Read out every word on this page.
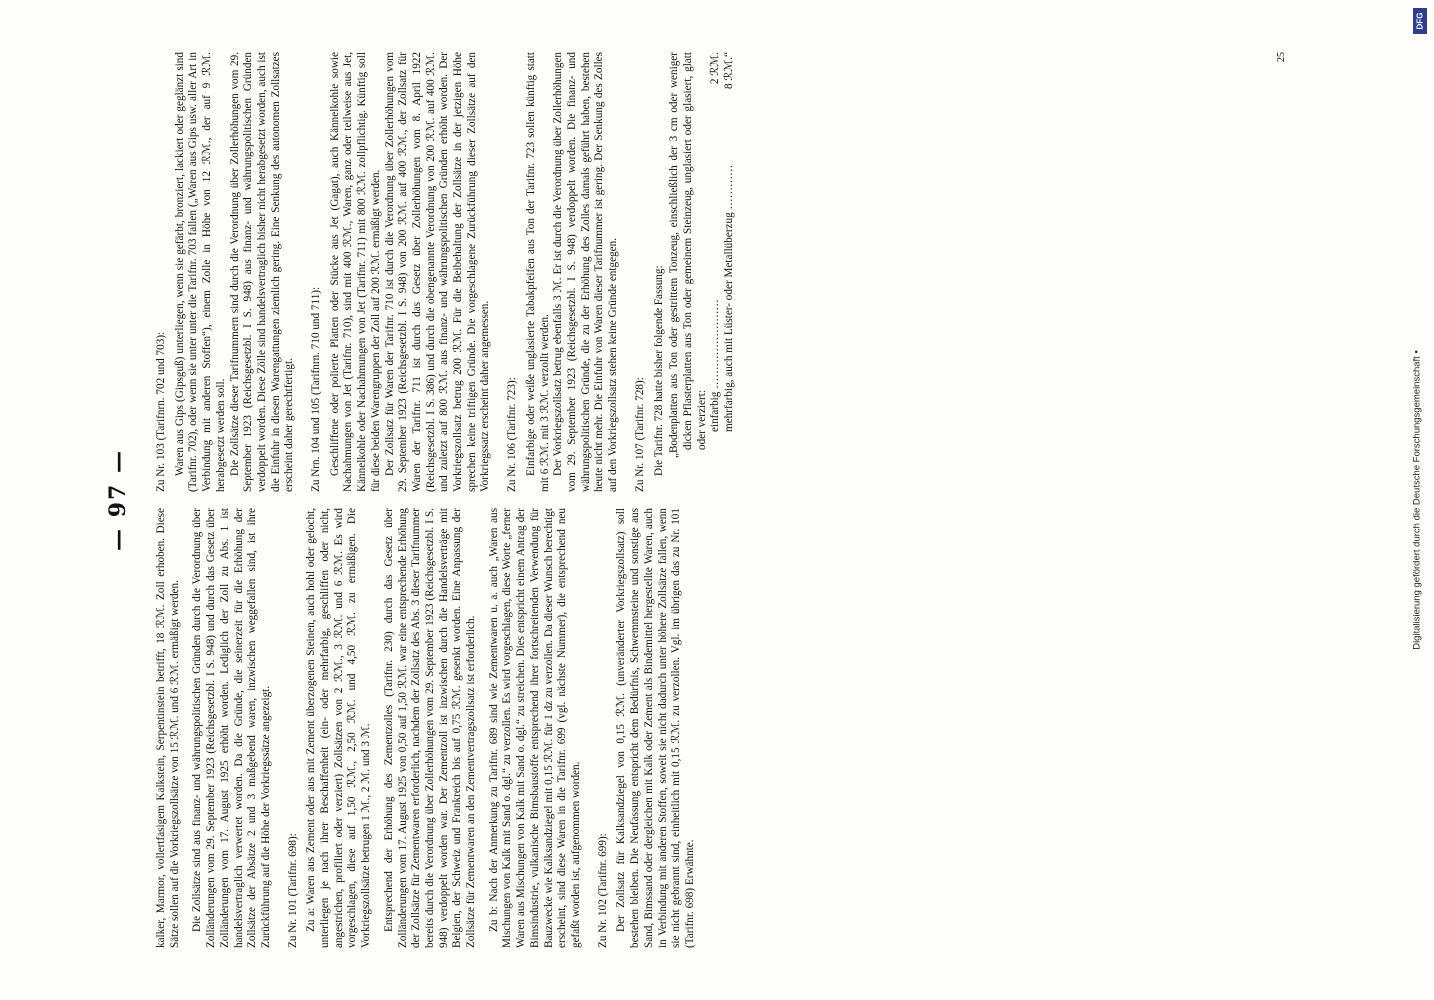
— 97 —

kalker, Marmor, vollertfasigem Kalkstein, Serpentinstein betrifft, 18 ℛℳ. Zoll erhoben. Diese Sätze sollen auf die Vorkriegszollsätze von 15 ℛℳ. und 6 ℛℳ. ermäßigt werden. Die Zollsätze sind aus finanz- und währungspolitischen Gründen durch die Verordnung über Zolländerungen vom 29. September 1923 (Reichsgesetzbl. I S. 948) und durch das Gesetz über Zolländerungen vom 17. August 1925 erhöht worden. Lediglich der Zoll zu Abs. 1 ist handelsvertraglich verwertet worden. Da die Gründe, die seinerzeit für die Erhöhung der Zollsätze der Absätze 2 und 3 maßgebend waren, inzwischen weggefallen sind, ist ihre Zurückführung auf die Höhe der Vorkriegssätze angezeigt. Zu Nr. 101 (Tarifnr. 698): Zu a: Waren aus Zement oder aus mit Zement überzogenen Steinen, auch hohl oder gelocht, unterliegen je nach ihrer Beschaffenheit (ein- oder mehrfarbig, geschliffen oder nicht, angestrichen, profiliert oder verziert) Zollsätzen von 2 ℛℳ., 3 ℛℳ. und 6 ℛℳ. Es wird vorgeschlagen, diese auf 1,50 ℛℳ., 2,50 ℛℳ. und 4,50 ℛℳ. zu ermäßigen. Die Vorkriegszollsätze betrugen 1 ℳ., 2 ℳ. und 3 ℳ. Entsprechend der Erhöhung des Zementzolles (Tarifnr. 230) durch das Gesetz über Zolländerungen vom 17. August 1925 von 0,50 auf 1,50 ℛℳ. war eine entsprechende Erhöhung der Zollsätze für Zementwaren erforderlich, nachdem der Zollsatz des Abs. 3 dieser Tarifnummer bereits durch die Verordnung über Zollerhöhungen vom 29. September 1923 (Reichsgesetzbl. I S. 948) verdoppelt worden war. Der Zementzoll ist inzwischen durch die Handelsverträge mit Belgien, der Schweiz und Frankreich bis auf 0,75 ℛℳ. gesenkt worden. Eine Anpassung der Zollsätze für Zementwaren an den Zementvertragszollsatz ist erforderlich. Zu b: Nach der Anmerkung zu Tarifnr. 689 sind wie Zementwaren u. a. auch „Waren aus Mischungen von Kalk mit Sand o. dgl.“ zu verzollen. Es wird vorgeschlagen, diese Worte „ferner Waren aus Mischungen von Kalk mit Sand o. dgl.“ zu streichen. Dies entspricht einem Antrag der Bimsindustrie, vulkanische Bimsbaustoffe entsprechend ihrer fortschreitenden Verwendung für Bauzwecke wie Kalksandziegel mit 0,15 ℛℳ. für 1 dz zu verzollen. Da dieser Wunsch berechtigt erscheint, sind diese Waren in die Tarifnr. 699 (vgl. nächste Nummer), die entsprechend neu gefaßt worden ist, aufgenommen worden. Zu Nr. 102 (Tarifnr. 699): Der Zollsatz für Kalksandziegel von 0,15 ℛℳ. (unveränderter Vorkriegszollsatz) soll bestehen bleiben. Die Neufassung entspricht dem Bedürfnis, Schwemmsteine und sonstige aus Sand, Bimssand oder dergleichen mit Kalk oder Zement als Bindemittel hergestellte Waren, auch in Verbindung mit anderen Stoffen, soweit sie nicht dadurch unter höhere Zollsätze fallen, wenn sie nicht gebrannt sind, einheitlich mit 0,15 ℛℳ. zu verzollen. Vgl. im übrigen das zu Nr. 101 (Tarifnr. 698) Erwähnte.

Zu Nr. 103 (Tarifnrn. 702 und 703): Waren aus Gips (Gipsguß) unterliegen, wenn sie gefärbt, bronziert, lackiert oder geglänzt sind (Tarifnr. 702), oder wenn sie unter unter die Tarifnr. 703 fallen („Waren aus Gips usw. aller Art in Verbindung mit anderen Stoffen“), einem Zolle in Höhe von 12 ℛℳ., der auf 9 ℛℳ. herabgesetzt werden soll. Die Zollsätze dieser Tarifnummern sind durch die Verordnung über Zollerhöhungen vom 29. September 1923 (Reichsgesetzbl. I S. 948) aus finanz- und währungspolitischen Gründen verdoppelt worden. Diese Zölle sind handelsvertraglich bisher nicht herabgesetzt worden, auch ist die Einfuhr in diesen Warengattungen ziemlich gering. Eine Senkung des autonomen Zollsatzes erscheint daher gerechtfertigt. Zu Nrn. 104 und 105 (Tarifnrn. 710 und 711): Geschliffene oder polierte Platten oder Stücke aus Jet (Gagat), auch Kännelkohle sowie Nachahmungen von Jet (Tarifnr. 710), sind mit 400 ℛℳ., Waren, ganz oder teilweise aus Jet, Kännelkohle oder Nachahmungen von Jet (Tarifnr. 711) mit 800 ℛℳ. zollpflichtig. Künftig soll für diese beiden Warengruppen der Zoll auf 200 ℛℳ. ermäßigt werden. Der Zollsatz für Waren der Tarifnr. 710 ist durch die Verordnung über Zollerhöhungen vom 29. September 1923 (Reichsgesetzbl. I S. 948) von 200 ℛℳ. auf 400 ℛℳ., der Zollsatz für Waren der Tarifnr. 711 ist durch das Gesetz über Zollerhöhungen vom 8. April 1922 (Reichsgesetzbl. I S. 386) und durch die obengenannte Verordnung von 200 ℛℳ. auf 400 ℛℳ. und zuletzt auf 800 ℛℳ. aus finanz- und währungspolitischen Gründen erhöht worden. Der Vorkriegszollsatz betrug 200 ℛℳ. Für die Beibehaltung der Zollsätze in der jetzigen Höhe sprechen keine triftigen Gründe. Die vorgeschlagene Zurückführung dieser Zollsätze auf den Vorkriegssatz erscheint daher angemessen. Zu Nr. 106 (Tarifnr. 723): Einfarbige oder weiße unglasierte Tabakpfeifen aus Ton der Tarifnr. 723 sollen künftig statt mit 6 ℛℳ. mit 3 ℛℳ. verzollt werden. Der Vorkriegszollsatz betrug ebenfalls 3 ℳ. Er ist durch die Verordnung über Zollerhöhungen vom 29. September 1923 (Reichsgesetzbl. I S. 948) verdoppelt worden. Die finanz- und währungspolitischen Gründe, die zu der Erhöhung des Zolles damals geführt haben, bestehen heute nicht mehr. Die Einfuhr von Waren dieser Tarifnummer ist gering. Der Senkung des Zolles auf den Vorkriegszollsatz stehen keine Gründe entgegen. Zu Nr. 107 (Tarifnr. 728): Die Tarifnr. 728 hatte bisher folgende Fassung: „Bodenplatten aus Ton oder gestrittem Tonzeug, einschließlich der 3 cm oder weniger dicken Pflasterplatten aus Ton oder gemeinem Steinzeug, unglasiert oder glasiert, glatt oder verziert: einfarbig ……………………
2 ℛℳ.
mehrfarbig, auch mit Lüster- oder Metallüberzug …………
8 ℛℳ.“	25
Digitalisierung gefördert durch die Deutsche Forschungsgemeinschaft •
DFG
